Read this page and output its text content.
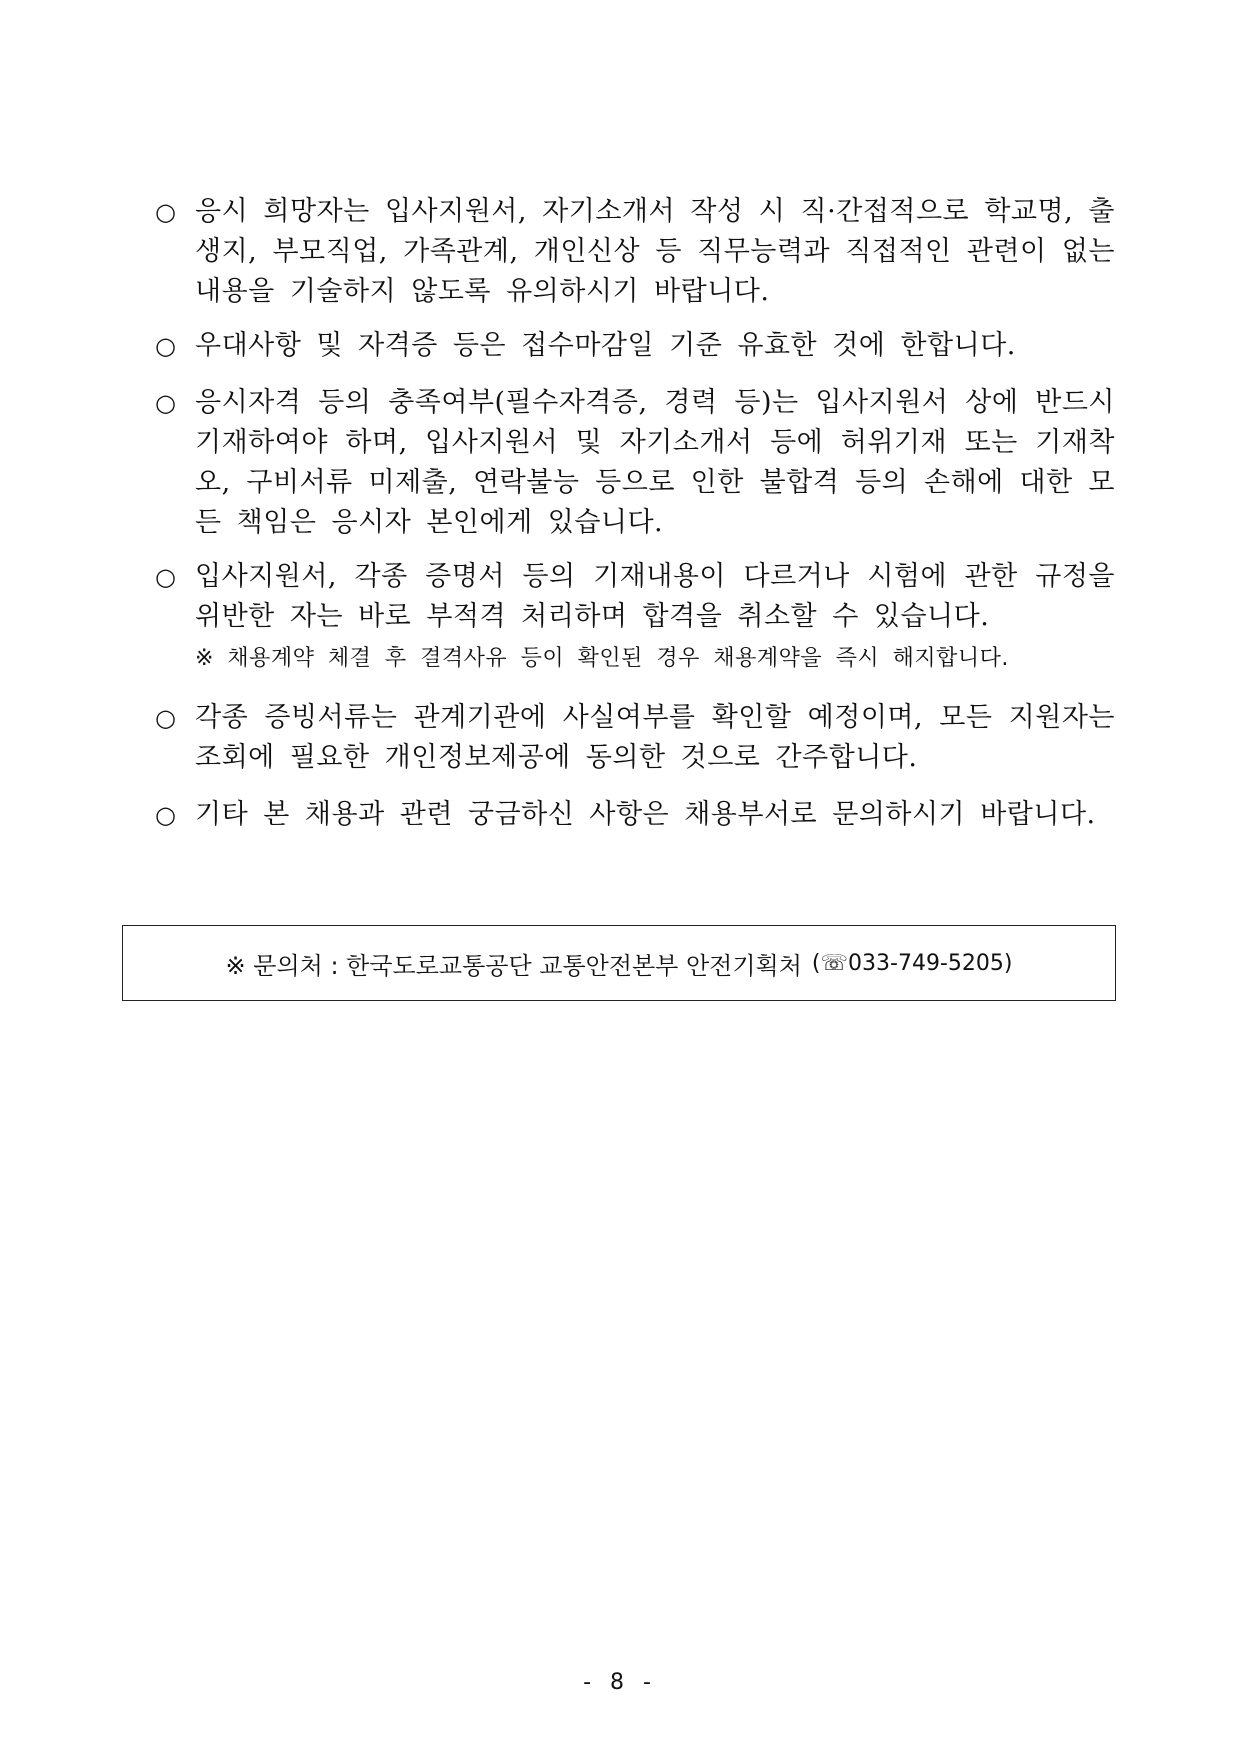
○ 응시 희망자는 입사지원서, 자기소개서 작성 시 직·간접적으로 학교명, 출생지, 부모직업, 가족관계, 개인신상 등 직무능력과 직접적인 관련이 없는 내용을 기술하지 않도록 유의하시기 바랍니다.
○ 우대사항 및 자격증 등은 접수마감일 기준 유효한 것에 한합니다.
○ 응시자격 등의 충족여부(필수자격증, 경력 등)는 입사지원서 상에 반드시 기재하여야 하며, 입사지원서 및 자기소개서 등에 허위기재 또는 기재착오, 구비서류 미제출, 연락불능 등으로 인한 불합격 등의 손해에 대한 모든 책임은 응시자 본인에게 있습니다.
○ 입사지원서, 각종 증명서 등의 기재내용이 다르거나 시험에 관한 규정을 위반한 자는 바로 부적격 처리하며 합격을 취소할 수 있습니다.
※ 채용계약 체결 후 결격사유 등이 확인된 경우 채용계약을 즉시 해지합니다.
○ 각종 증빙서류는 관계기관에 사실여부를 확인할 예정이며, 모든 지원자는 조회에 필요한 개인정보제공에 동의한 것으로 간주합니다.
○ 기타 본 채용과 관련 궁금하신 사항은 채용부서로 문의하시기 바랍니다.
※ 문의처 : 한국도로교통공단 교통안전본부 안전기획처 (☏033-749-5205)
- 8 -
